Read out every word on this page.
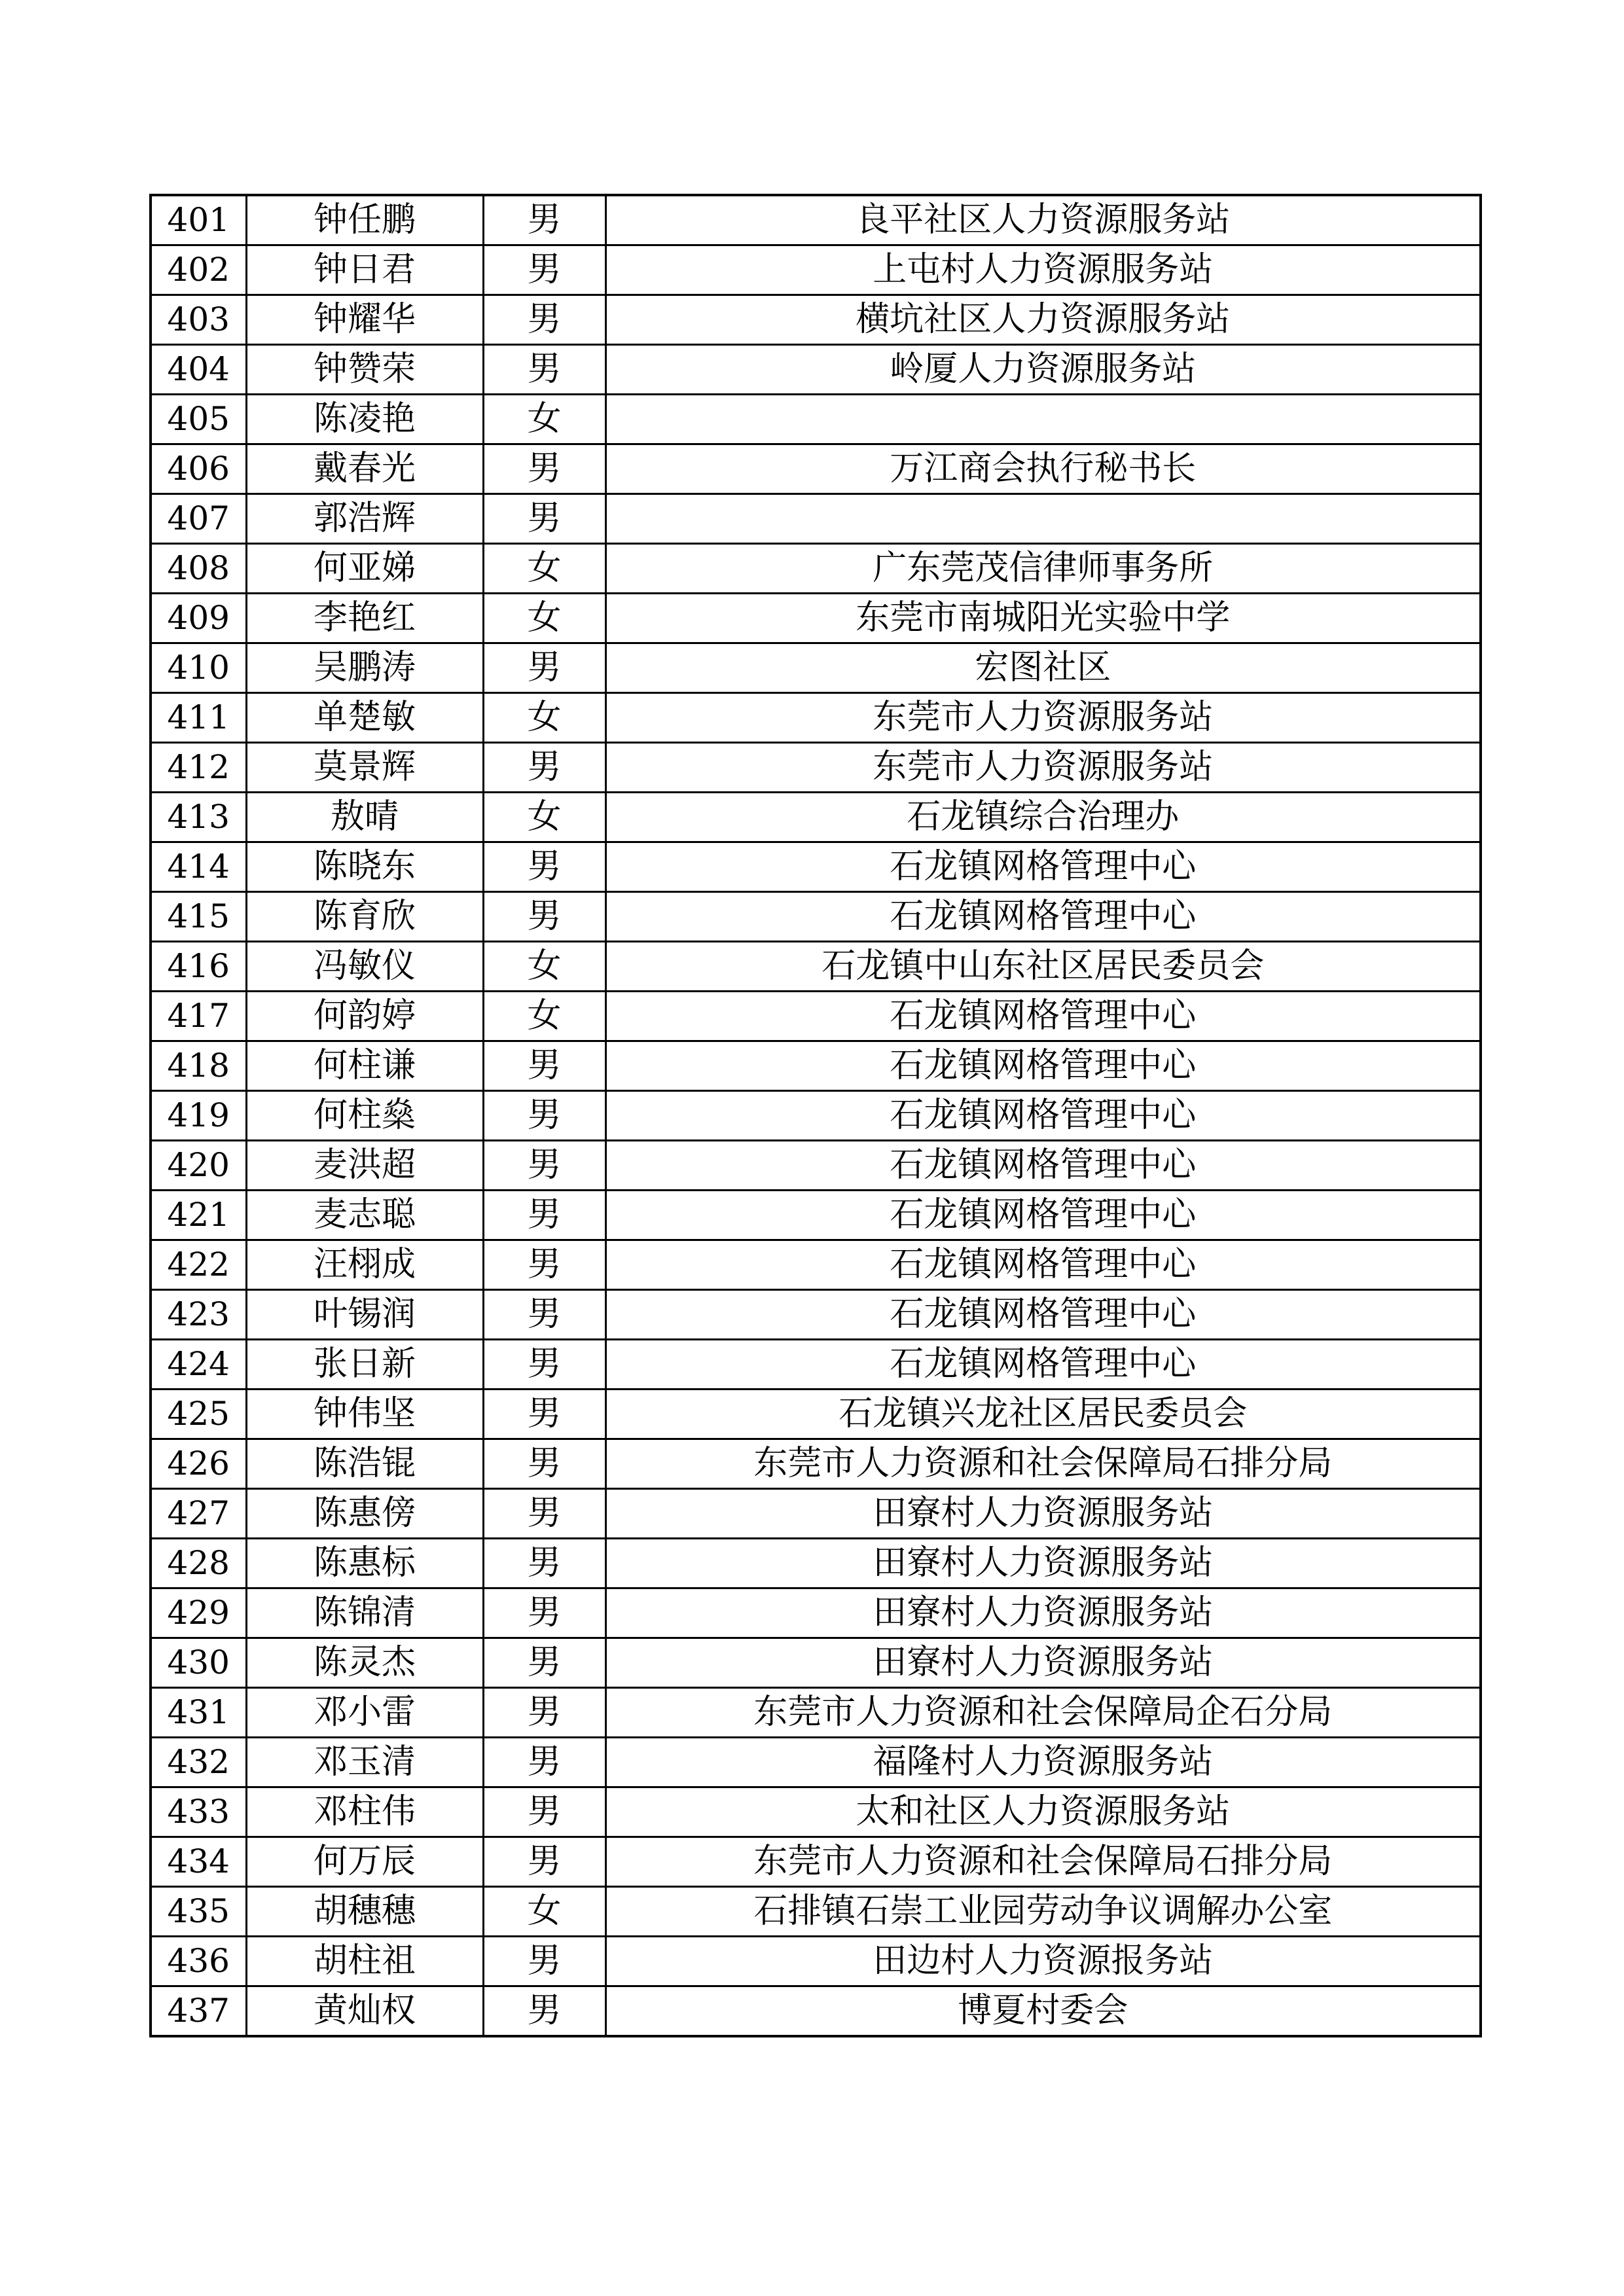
401	钟任鹏	男	良平社区人力资源服务站
402	钟日君	男	上屯村人力资源服务站
403	钟耀华	男	横坑社区人力资源服务站
404	钟赞荣	男	岭厦人力资源服务站
405	陈凌艳	女	
406	戴春光	男	万江商会执行秘书长
407	郭浩辉	男	
408	何亚娣	女	广东莞茂信律师事务所
409	李艳红	女	东莞市南城阳光实验中学
410	吴鹏涛	男	宏图社区
411	单楚敏	女	东莞市人力资源服务站
412	莫景辉	男	东莞市人力资源服务站
413	敖晴	女	石龙镇综合治理办
414	陈晓东	男	石龙镇网格管理中心
415	陈育欣	男	石龙镇网格管理中心
416	冯敏仪	女	石龙镇中山东社区居民委员会
417	何韵婷	女	石龙镇网格管理中心
418	何柱谦	男	石龙镇网格管理中心
419	何柱燊	男	石龙镇网格管理中心
420	麦洪超	男	石龙镇网格管理中心
421	麦志聪	男	石龙镇网格管理中心
422	汪栩成	男	石龙镇网格管理中心
423	叶锡润	男	石龙镇网格管理中心
424	张日新	男	石龙镇网格管理中心
425	钟伟坚	男	石龙镇兴龙社区居民委员会
426	陈浩锟	男	东莞市人力资源和社会保障局石排分局
427	陈惠傍	男	田寮村人力资源服务站
428	陈惠标	男	田寮村人力资源服务站
429	陈锦清	男	田寮村人力资源服务站
430	陈灵杰	男	田寮村人力资源服务站
431	邓小雷	男	东莞市人力资源和社会保障局企石分局
432	邓玉清	男	福隆村人力资源服务站
433	邓柱伟	男	太和社区人力资源服务站
434	何万辰	男	东莞市人力资源和社会保障局石排分局
435	胡穗穗	女	石排镇石崇工业园劳动争议调解办公室
436	胡柱祖	男	田边村人力资源报务站
437	黄灿权	男	博夏村委会
